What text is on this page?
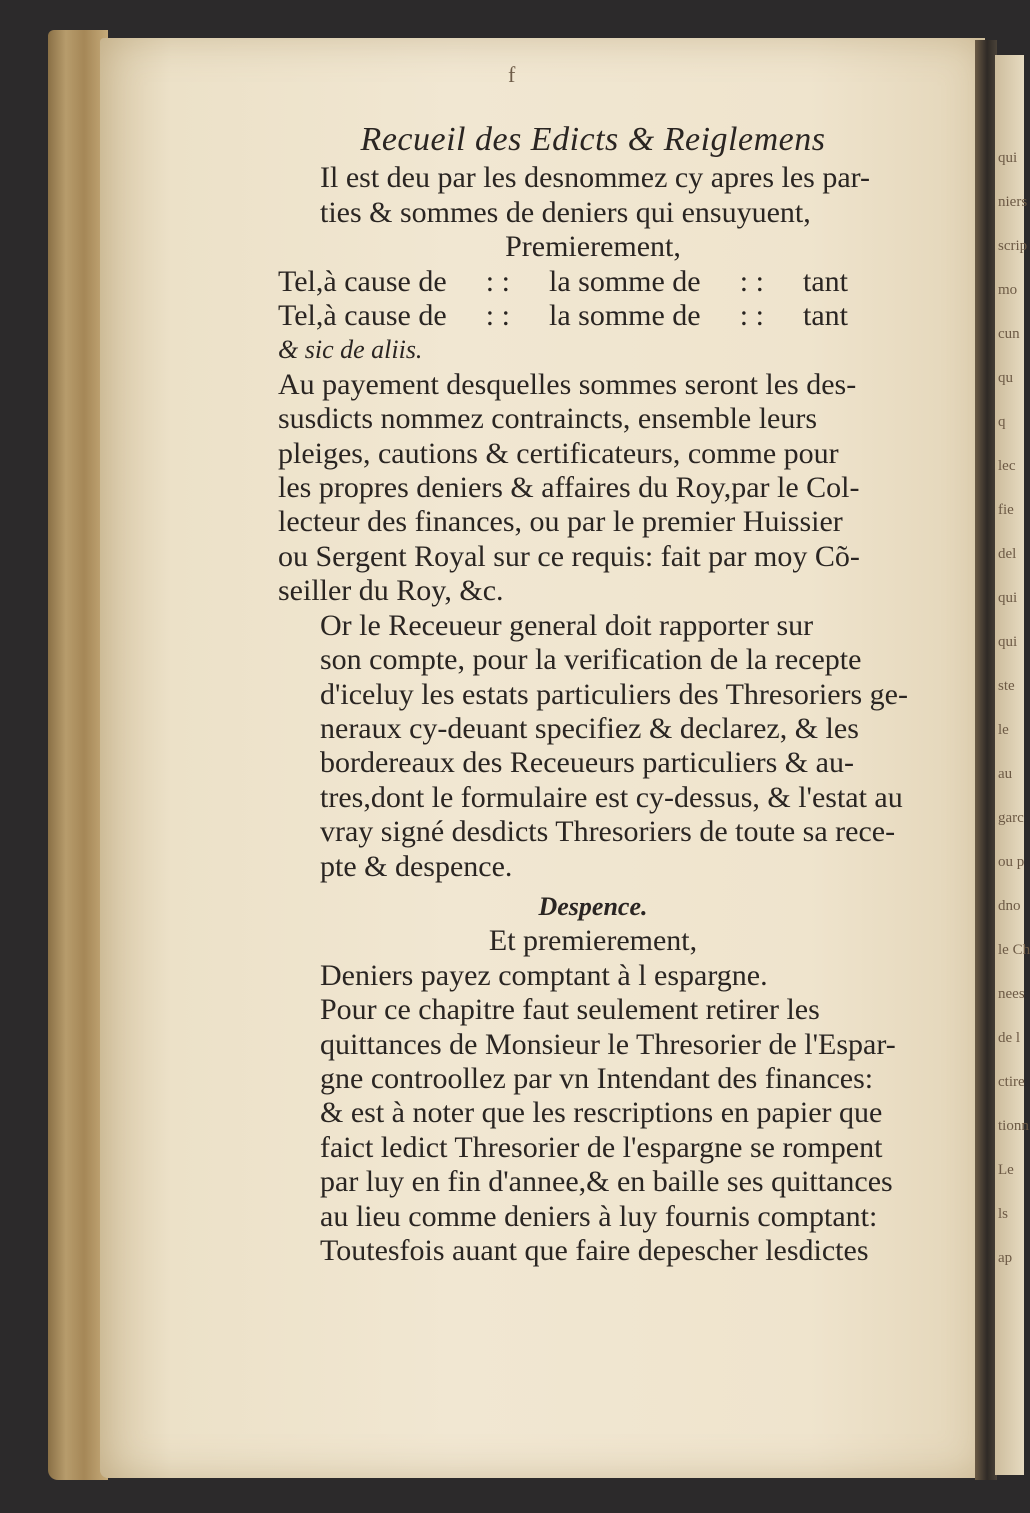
qui
niers
scrip
mo
cun
qu
q
lec
fie
del
qui
qui
ste
le
au
garc
ou p
dno
le Ch
nees
de l
ctire
tionn
Le
ls
ap
f
Recueil des Edicts & Reiglemens

Il est deu par les desnommez cy apres les par-
ties & sommes de deniers qui ensuyuent,

Premierement,

Tel,à cause de : : la somme de : : tant
Tel,à cause de : : la somme de : : tant

& sic de aliis.

Au payement desquelles sommes seront les des-
susdicts nommez contraincts, ensemble leurs
pleiges, cautions & certificateurs, comme pour
les propres deniers & affaires du Roy,par le Col-
lecteur des finances, ou par le premier Huissier
ou Sergent Royal sur ce requis: fait par moy Cõ-
seiller du Roy, &c.

Or le Receueur general doit rapporter sur
son compte, pour la verification de la recepte
d'iceluy les estats particuliers des Thresoriers ge-
neraux cy-deuant specifiez & declarez, & les
bordereaux des Receueurs particuliers & au-
tres,dont le formulaire est cy-dessus, & l'estat au
vray signé desdicts Thresoriers de toute sa rece-
pte & despence.

Despence.

Et premierement,

Deniers payez comptant à l espargne.

Pour ce chapitre faut seulement retirer les
quittances de Monsieur le Thresorier de l'Espar-
gne controollez par vn Intendant des finances:
& est à noter que les rescriptions en papier que
faict ledict Thresorier de l'espargne se rompent
par luy en fin d'annee,& en baille ses quittances
au lieu comme deniers à luy fournis comptant:
Toutesfois auant que faire depescher lesdictes
